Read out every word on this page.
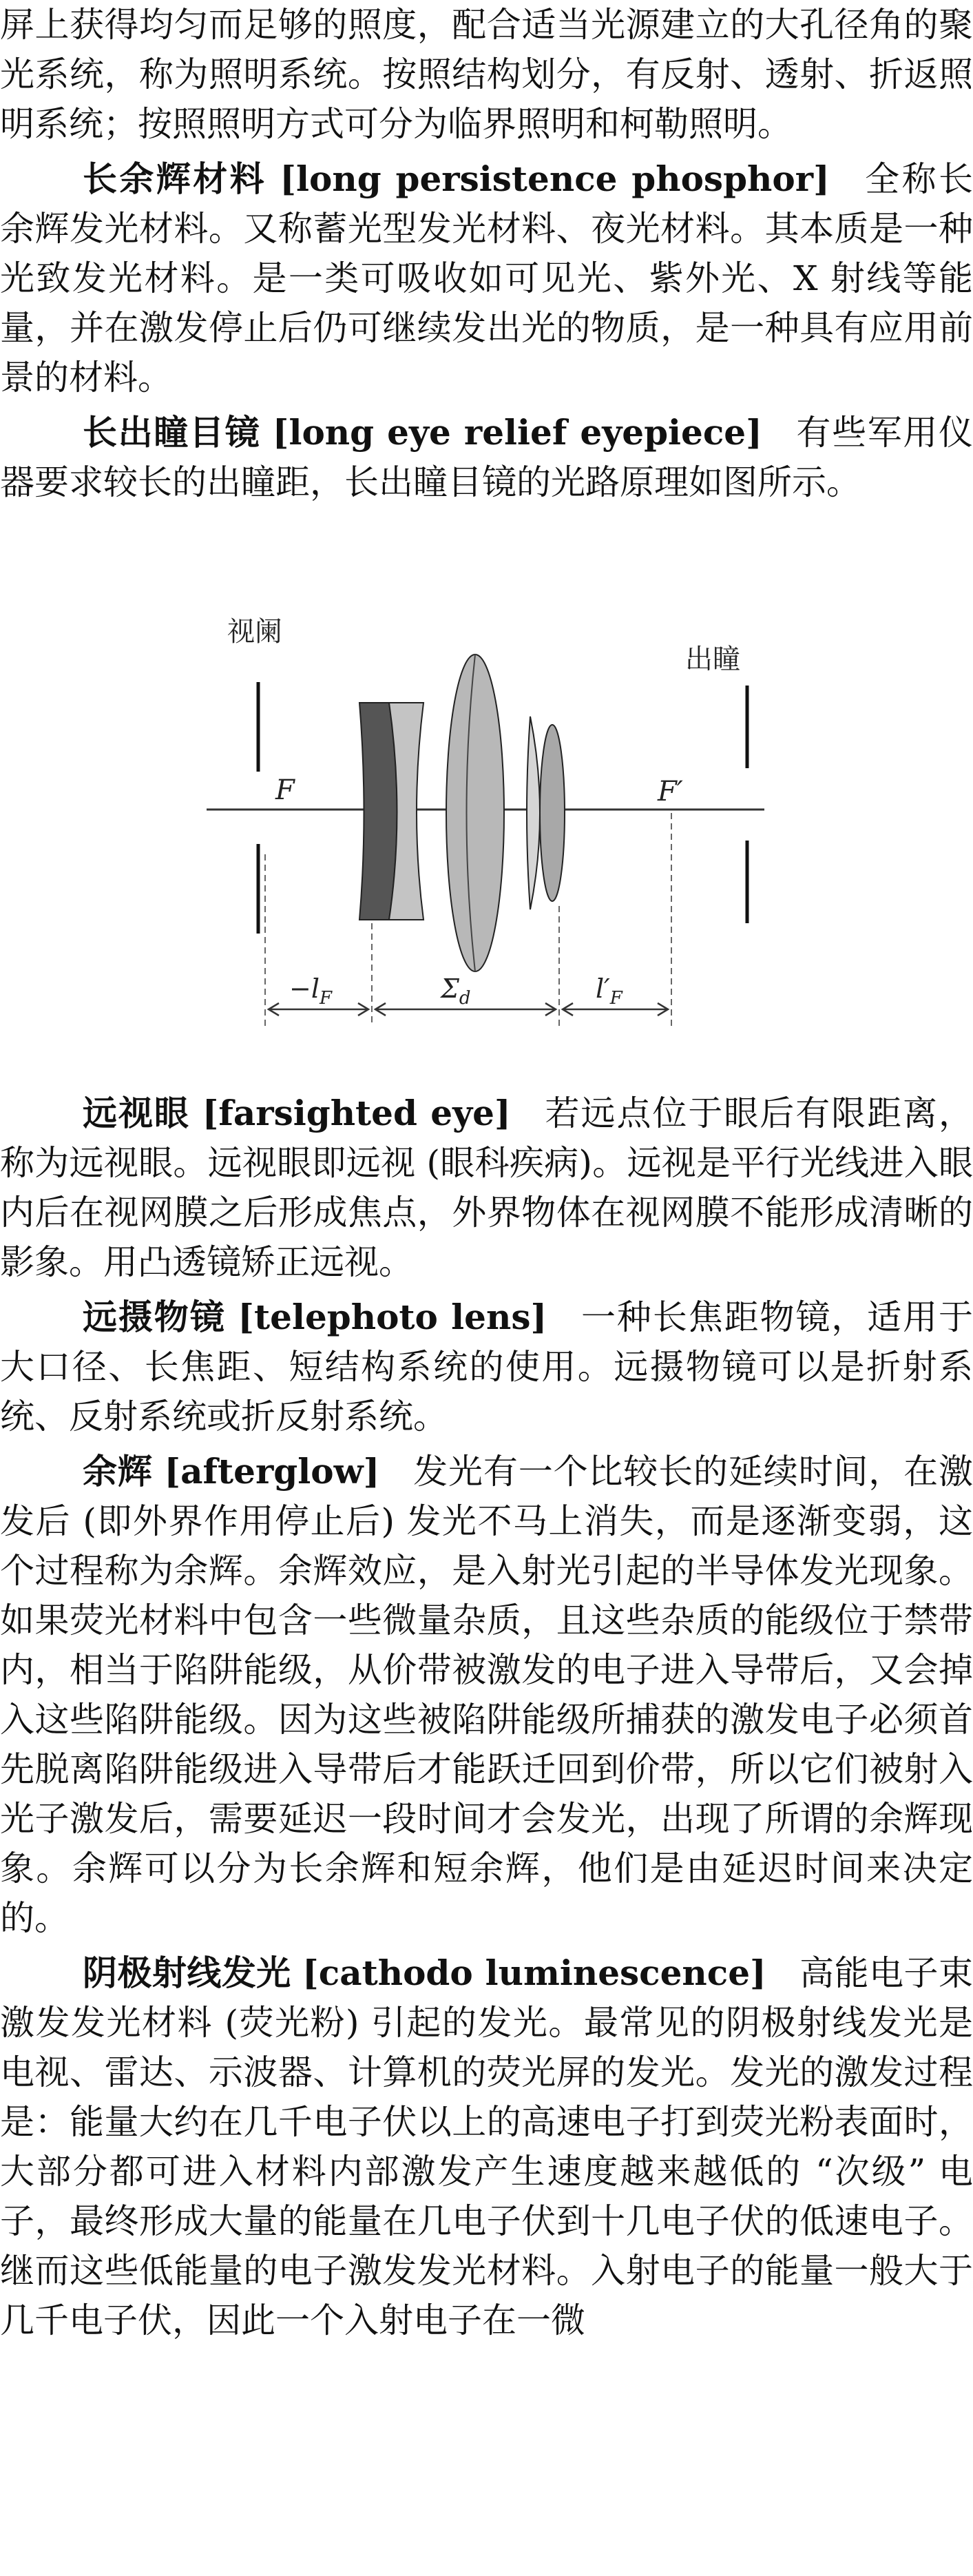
屏上获得均匀而足够的照度，配合适当光源建立的大孔径角的聚光系统，称为照明系统。按照结构划分，有反射、透射、折返照明系统；按照照明方式可分为临界照明和柯勒照明。

长余辉材料 [long persistence phosphor] 全称长余辉发光材料。又称蓄光型发光材料、夜光材料。其本质是一种光致发光材料。是一类可吸收如可见光、紫外光、X 射线等能量，并在激发停止后仍可继续发出光的物质，是一种具有应用前景的材料。

长出瞳目镜 [long eye relief eyepiece] 有些军用仪器要求较长的出瞳距，长出瞳目镜的光路原理如图所示。

视阑
出瞳
F	F′
$-l_F$	$\Sigma_d$	$l'_F$

远视眼 [farsighted eye] 若远点位于眼后有限距离，称为远视眼。远视眼即远视 (眼科疾病)。远视是平行光线进入眼内后在视网膜之后形成焦点，外界物体在视网膜不能形成清晰的影象。用凸透镜矫正远视。

远摄物镜 [telephoto lens] 一种长焦距物镜，适用于大口径、长焦距、短结构系统的使用。远摄物镜可以是折射系统、反射系统或折反射系统。

余辉 [afterglow] 发光有一个比较长的延续时间，在激发后 (即外界作用停止后) 发光不马上消失，而是逐渐变弱，这个过程称为余辉。余辉效应，是入射光引起的半导体发光现象。如果荧光材料中包含一些微量杂质，且这些杂质的能级位于禁带内，相当于陷阱能级，从价带被激发的电子进入导带后，又会掉入这些陷阱能级。因为这些被陷阱能级所捕获的激发电子必须首先脱离陷阱能级进入导带后才能跃迁回到价带，所以它们被射入光子激发后，需要延迟一段时间才会发光，出现了所谓的余辉现象。余辉可以分为长余辉和短余辉，他们是由延迟时间来决定的。

阴极射线发光 [cathodo luminescence] 高能电子束激发发光材料 (荧光粉) 引起的发光。最常见的阴极射线发光是电视、雷达、示波器、计算机的荧光屏的发光。发光的激发过程是：能量大约在几千电子伏以上的高速电子打到荧光粉表面时，大部分都可进入材料内部激发产生速度越来越低的 “次级” 电子，最终形成大量的能量在几电子伏到十几电子伏的低速电子。继而这些低能量的电子激发发光材料。入射电子的能量一般大于几千电子伏，因此一个入射电子在一微
